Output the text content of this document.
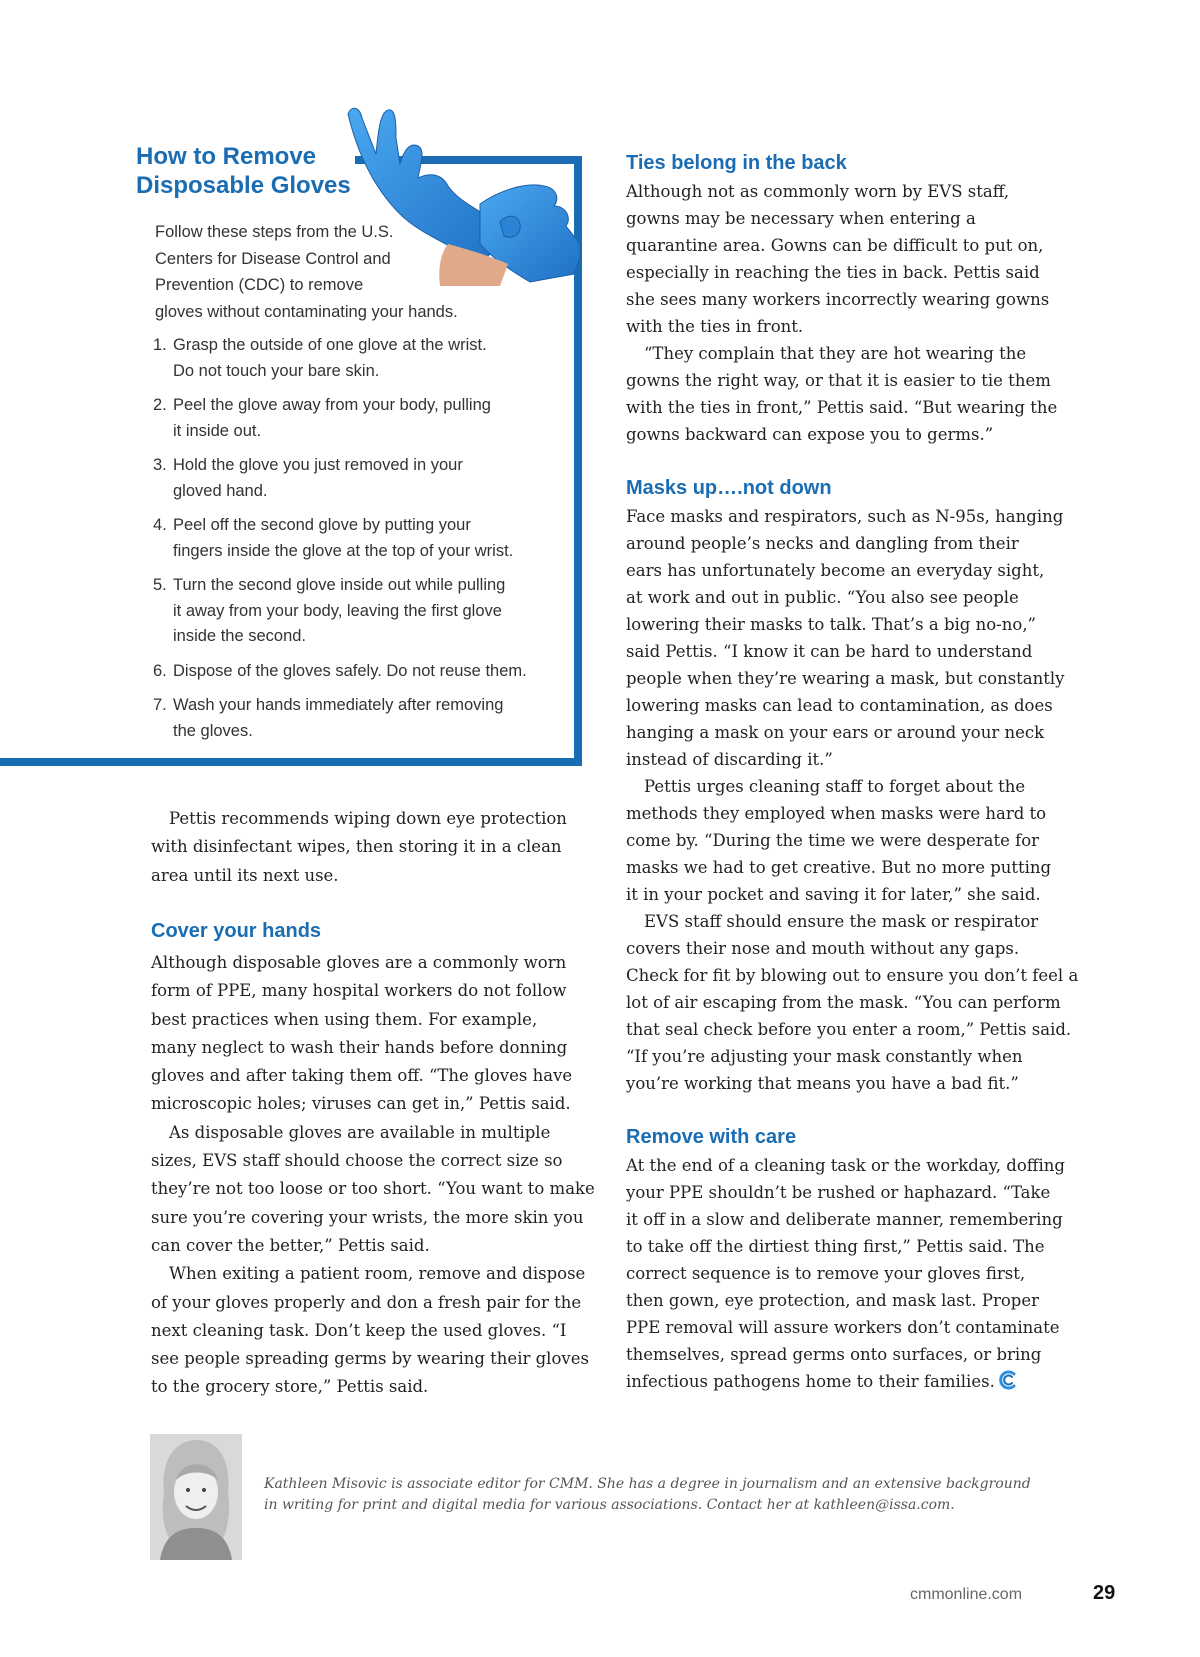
How to Remove
Disposable Gloves
Follow these steps from the U.S.
Centers for Disease Control and
Prevention (CDC) to remove
gloves without contaminating your hands.
1. Grasp the outside of one glove at the wrist.
Do not touch your bare skin.
2. Peel the glove away from your body, pulling
it inside out.
3. Hold the glove you just removed in your
gloved hand.
4. Peel off the second glove by putting your
fingers inside the glove at the top of your wrist.
5. Turn the second glove inside out while pulling
it away from your body, leaving the first glove
inside the second.
6. Dispose of the gloves safely. Do not reuse them.
7. Wash your hands immediately after removing
the gloves.
Pettis recommends wiping down eye protection
with disinfectant wipes, then storing it in a clean
area until its next use.
Cover your hands
Although disposable gloves are a commonly worn
form of PPE, many hospital workers do not follow
best practices when using them. For example,
many neglect to wash their hands before donning
gloves and after taking them off. “The gloves have
microscopic holes; viruses can get in,” Pettis said.
As disposable gloves are available in multiple
sizes, EVS staff should choose the correct size so
they’re not too loose or too short. “You want to make
sure you’re covering your wrists, the more skin you
can cover the better,” Pettis said.
When exiting a patient room, remove and dispose
of your gloves properly and don a fresh pair for the
next cleaning task. Don’t keep the used gloves. “I
see people spreading germs by wearing their gloves
to the grocery store,” Pettis said.
Ties belong in the back
Although not as commonly worn by EVS staff,
gowns may be necessary when entering a
quarantine area. Gowns can be difficult to put on,
especially in reaching the ties in back. Pettis said
she sees many workers incorrectly wearing gowns
with the ties in front.
“They complain that they are hot wearing the
gowns the right way, or that it is easier to tie them
with the ties in front,” Pettis said. “But wearing the
gowns backward can expose you to germs.”
Masks up….not down
Face masks and respirators, such as N-95s, hanging
around people’s necks and dangling from their
ears has unfortunately become an everyday sight,
at work and out in public. “You also see people
lowering their masks to talk. That’s a big no-no,”
said Pettis. “I know it can be hard to understand
people when they’re wearing a mask, but constantly
lowering masks can lead to contamination, as does
hanging a mask on your ears or around your neck
instead of discarding it.”
Pettis urges cleaning staff to forget about the
methods they employed when masks were hard to
come by. “During the time we were desperate for
masks we had to get creative. But no more putting
it in your pocket and saving it for later,” she said.
EVS staff should ensure the mask or respirator
covers their nose and mouth without any gaps.
Check for fit by blowing out to ensure you don’t feel a
lot of air escaping from the mask. “You can perform
that seal check before you enter a room,” Pettis said.
“If you’re adjusting your mask constantly when
you’re working that means you have a bad fit.”
Remove with care
At the end of a cleaning task or the workday, doffing
your PPE shouldn’t be rushed or haphazard. “Take
it off in a slow and deliberate manner, remembering
to take off the dirtiest thing first,” Pettis said. The
correct sequence is to remove your gloves first,
then gown, eye protection, and mask last. Proper
PPE removal will assure workers don’t contaminate
themselves, spread germs onto surfaces, or bring
infectious pathogens home to their families.
Kathleen Misovic is associate editor for CMM. She has a degree in journalism and an extensive background
in writing for print and digital media for various associations. Contact her at kathleen@issa.com.
cmmonline.com	29
